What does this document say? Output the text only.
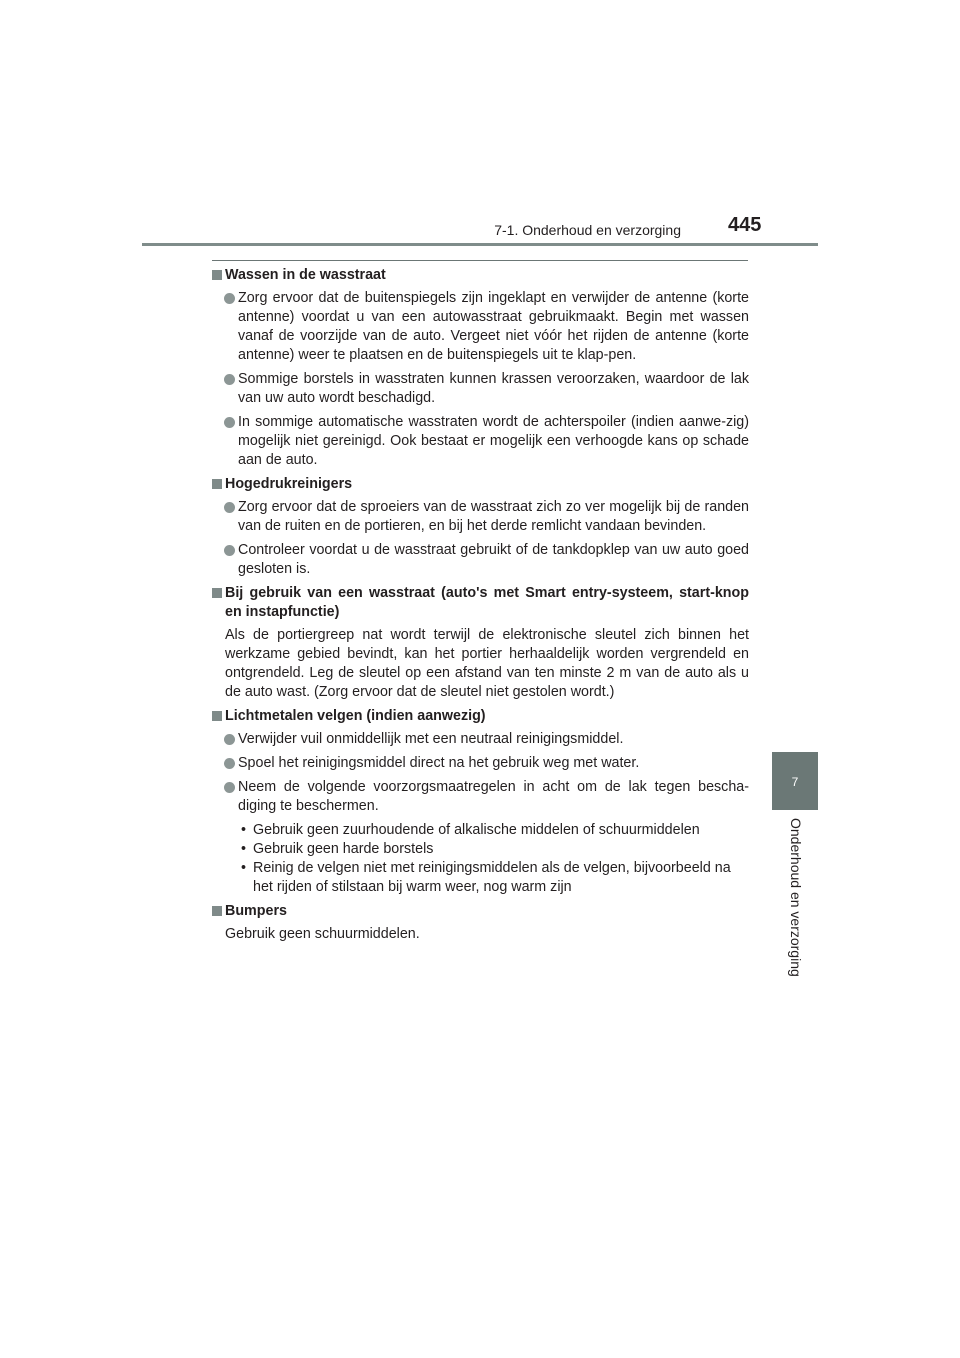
7-1. Onderhoud en verzorging 445
7
Onderhoud en verzorging
Wassen in de wasstraat
Zorg ervoor dat de buitenspiegels zijn ingeklapt en verwijder de antenne (korte antenne) voordat u van een autowasstraat gebruikmaakt. Begin met wassen vanaf de voorzijde van de auto. Vergeet niet vóór het rijden de antenne (korte antenne) weer te plaatsen en de buitenspiegels uit te klap-pen.
Sommige borstels in wasstraten kunnen krassen veroorzaken, waardoor de lak van uw auto wordt beschadigd.
In sommige automatische wasstraten wordt de achterspoiler (indien aanwe-zig) mogelijk niet gereinigd. Ook bestaat er mogelijk een verhoogde kans op schade aan de auto.
Hogedrukreinigers
Zorg ervoor dat de sproeiers van de wasstraat zich zo ver mogelijk bij de randen van de ruiten en de portieren, en bij het derde remlicht vandaan bevinden.
Controleer voordat u de wasstraat gebruikt of de tankdopklep van uw auto goed gesloten is.
Bij gebruik van een wasstraat (auto's met Smart entry-systeem, start-knop en instapfunctie)
Als de portiergreep nat wordt terwijl de elektronische sleutel zich binnen het werkzame gebied bevindt, kan het portier herhaaldelijk worden vergrendeld en ontgrendeld. Leg de sleutel op een afstand van ten minste 2 m van de auto als u de auto wast. (Zorg ervoor dat de sleutel niet gestolen wordt.)
Lichtmetalen velgen (indien aanwezig)
Verwijder vuil onmiddellijk met een neutraal reinigingsmiddel.
Spoel het reinigingsmiddel direct na het gebruik weg met water.
Neem de volgende voorzorgsmaatregelen in acht om de lak tegen bescha-diging te beschermen.
• Gebruik geen zuurhoudende of alkalische middelen of schuurmiddelen
• Gebruik geen harde borstels
• Reinig de velgen niet met reinigingsmiddelen als de velgen, bijvoorbeeld na het rijden of stilstaan bij warm weer, nog warm zijn
Bumpers
Gebruik geen schuurmiddelen.
